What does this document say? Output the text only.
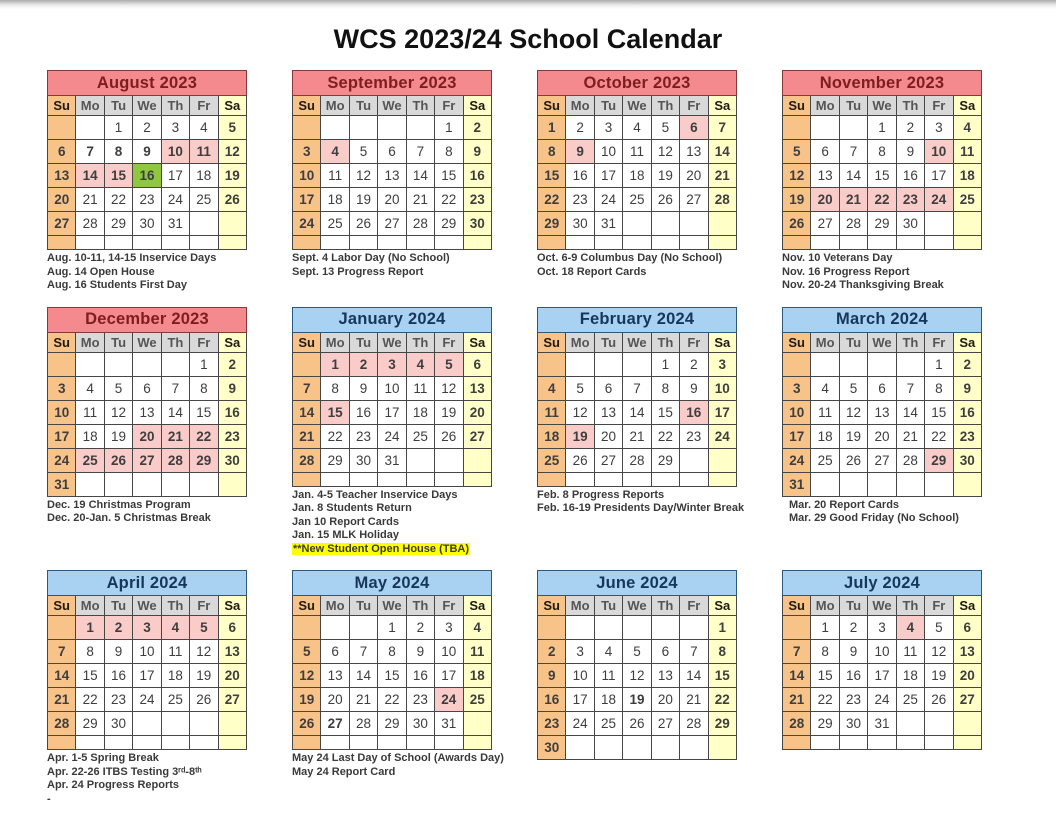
WCS 2023/24 School Calendar
August 2023						
Su	Mo	Tu	We	Th	Fr	Sa
		1	2	3	4	5
6	7	8	9	10	11	12
13	14	15	16	17	18	19
20	21	22	23	24	25	26
27	28	29	30	31		

Aug. 10-11, 14-15 Inservice Days
Aug. 14 Open House
Aug. 16 Students First Day
September 2023						
Su	Mo	Tu	We	Th	Fr	Sa
					1	2
3	4	5	6	7	8	9
10	11	12	13	14	15	16
17	18	19	20	21	22	23
24	25	26	27	28	29	30

Sept. 4 Labor Day (No School)
Sept. 13 Progress Report
October 2023						
Su	Mo	Tu	We	Th	Fr	Sa
1	2	3	4	5	6	7
8	9	10	11	12	13	14
15	16	17	18	19	20	21
22	23	24	25	26	27	28
29	30	31				

Oct. 6-9 Columbus Day (No School)
Oct. 18 Report Cards
November 2023						
Su	Mo	Tu	We	Th	Fr	Sa
			1	2	3	4
5	6	7	8	9	10	11
12	13	14	15	16	17	18
19	20	21	22	23	24	25
26	27	28	29	30		

Nov. 10 Veterans Day
Nov. 16 Progress Report
Nov. 20-24 Thanksgiving Break
December 2023						
Su	Mo	Tu	We	Th	Fr	Sa
					1	2
3	4	5	6	7	8	9
10	11	12	13	14	15	16
17	18	19	20	21	22	23
24	25	26	27	28	29	30
31						
Dec. 19 Christmas Program
Dec. 20-Jan. 5 Christmas Break
January 2024						
Su	Mo	Tu	We	Th	Fr	Sa
	1	2	3	4	5	6
7	8	9	10	11	12	13
14	15	16	17	18	19	20
21	22	23	24	25	26	27
28	29	30	31			

Jan. 4-5 Teacher Inservice Days
Jan. 8 Students Return
Jan 10 Report Cards
Jan. 15 MLK Holiday
**New Student Open House (TBA)
February 2024						
Su	Mo	Tu	We	Th	Fr	Sa
				1	2	3
4	5	6	7	8	9	10
11	12	13	14	15	16	17
18	19	20	21	22	23	24
25	26	27	28	29		

Feb. 8 Progress Reports
Feb. 16-19 Presidents Day/Winter Break
March 2024						
Su	Mo	Tu	We	Th	Fr	Sa
					1	2
3	4	5	6	7	8	9
10	11	12	13	14	15	16
17	18	19	20	21	22	23
24	25	26	27	28	29	30
31						
Mar. 20 Report Cards
Mar. 29 Good Friday (No School)
April 2024						
Su	Mo	Tu	We	Th	Fr	Sa
	1	2	3	4	5	6
7	8	9	10	11	12	13
14	15	16	17	18	19	20
21	22	23	24	25	26	27
28	29	30				

Apr. 1-5 Spring Break
Apr. 22-26 ITBS Testing 3ʳᵈ-8ᵗʰ
Apr. 24 Progress Reports
-
May 2024						
Su	Mo	Tu	We	Th	Fr	Sa
			1	2	3	4
5	6	7	8	9	10	11
12	13	14	15	16	17	18
19	20	21	22	23	24	25
26	27	28	29	30	31	

May 24 Last Day of School (Awards Day)
May 24 Report Card
June 2024						
Su	Mo	Tu	We	Th	Fr	Sa
						1
2	3	4	5	6	7	8
9	10	11	12	13	14	15
16	17	18	19	20	21	22
23	24	25	26	27	28	29
30						
July 2024						
Su	Mo	Tu	We	Th	Fr	Sa
	1	2	3	4	5	6
7	8	9	10	11	12	13
14	15	16	17	18	19	20
21	22	23	24	25	26	27
28	29	30	31			
